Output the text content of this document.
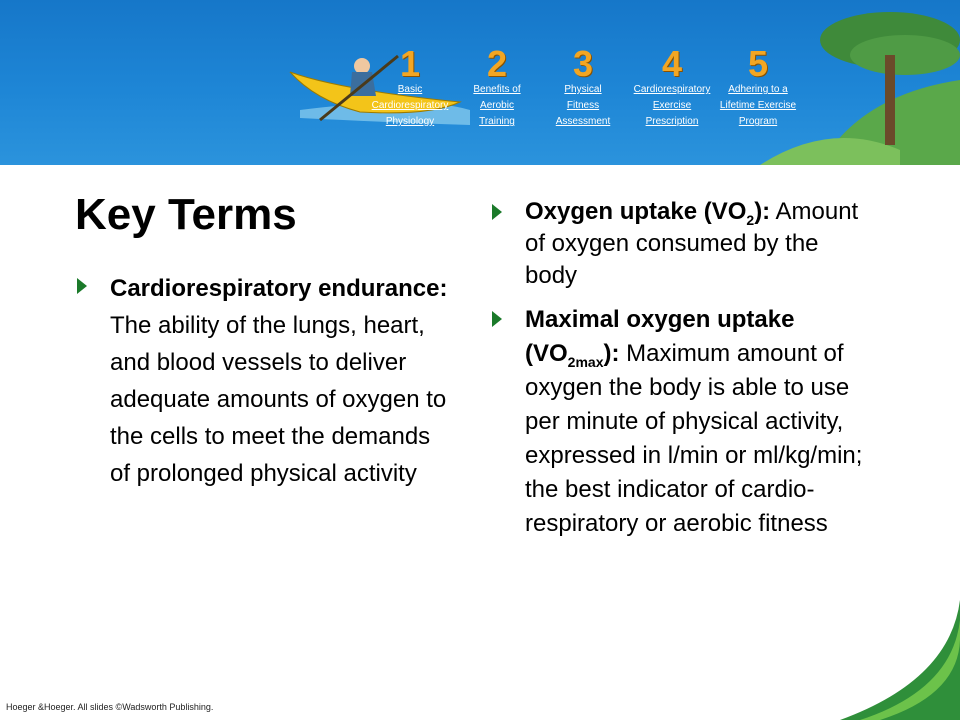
1
Basic
Cardiorespiratory
Physiology
2
Benefits of
Aerobic
Training
3
Physical
Fitness
Assessment
4
Cardiorespiratory
Exercise
Prescription
5
Adhering to a
Lifetime Exercise
Program
Key Terms
Cardiorespiratory endurance: The ability of the lungs, heart, and blood vessels to deliver adequate amounts of oxygen to the cells to meet the demands of prolonged physical activity
Oxygen uptake $(VO_2)$: Amount of oxygen consumed by the body
Maximal oxygen uptake $(VO_{2max})$: Maximum amount of oxygen the body is able to use per minute of physical activity, expressed in l/min or ml/kg/min; the best indicator of cardio-respiratory or aerobic fitness
Hoeger &Hoeger. All slides ©Wadsworth Publishing.
